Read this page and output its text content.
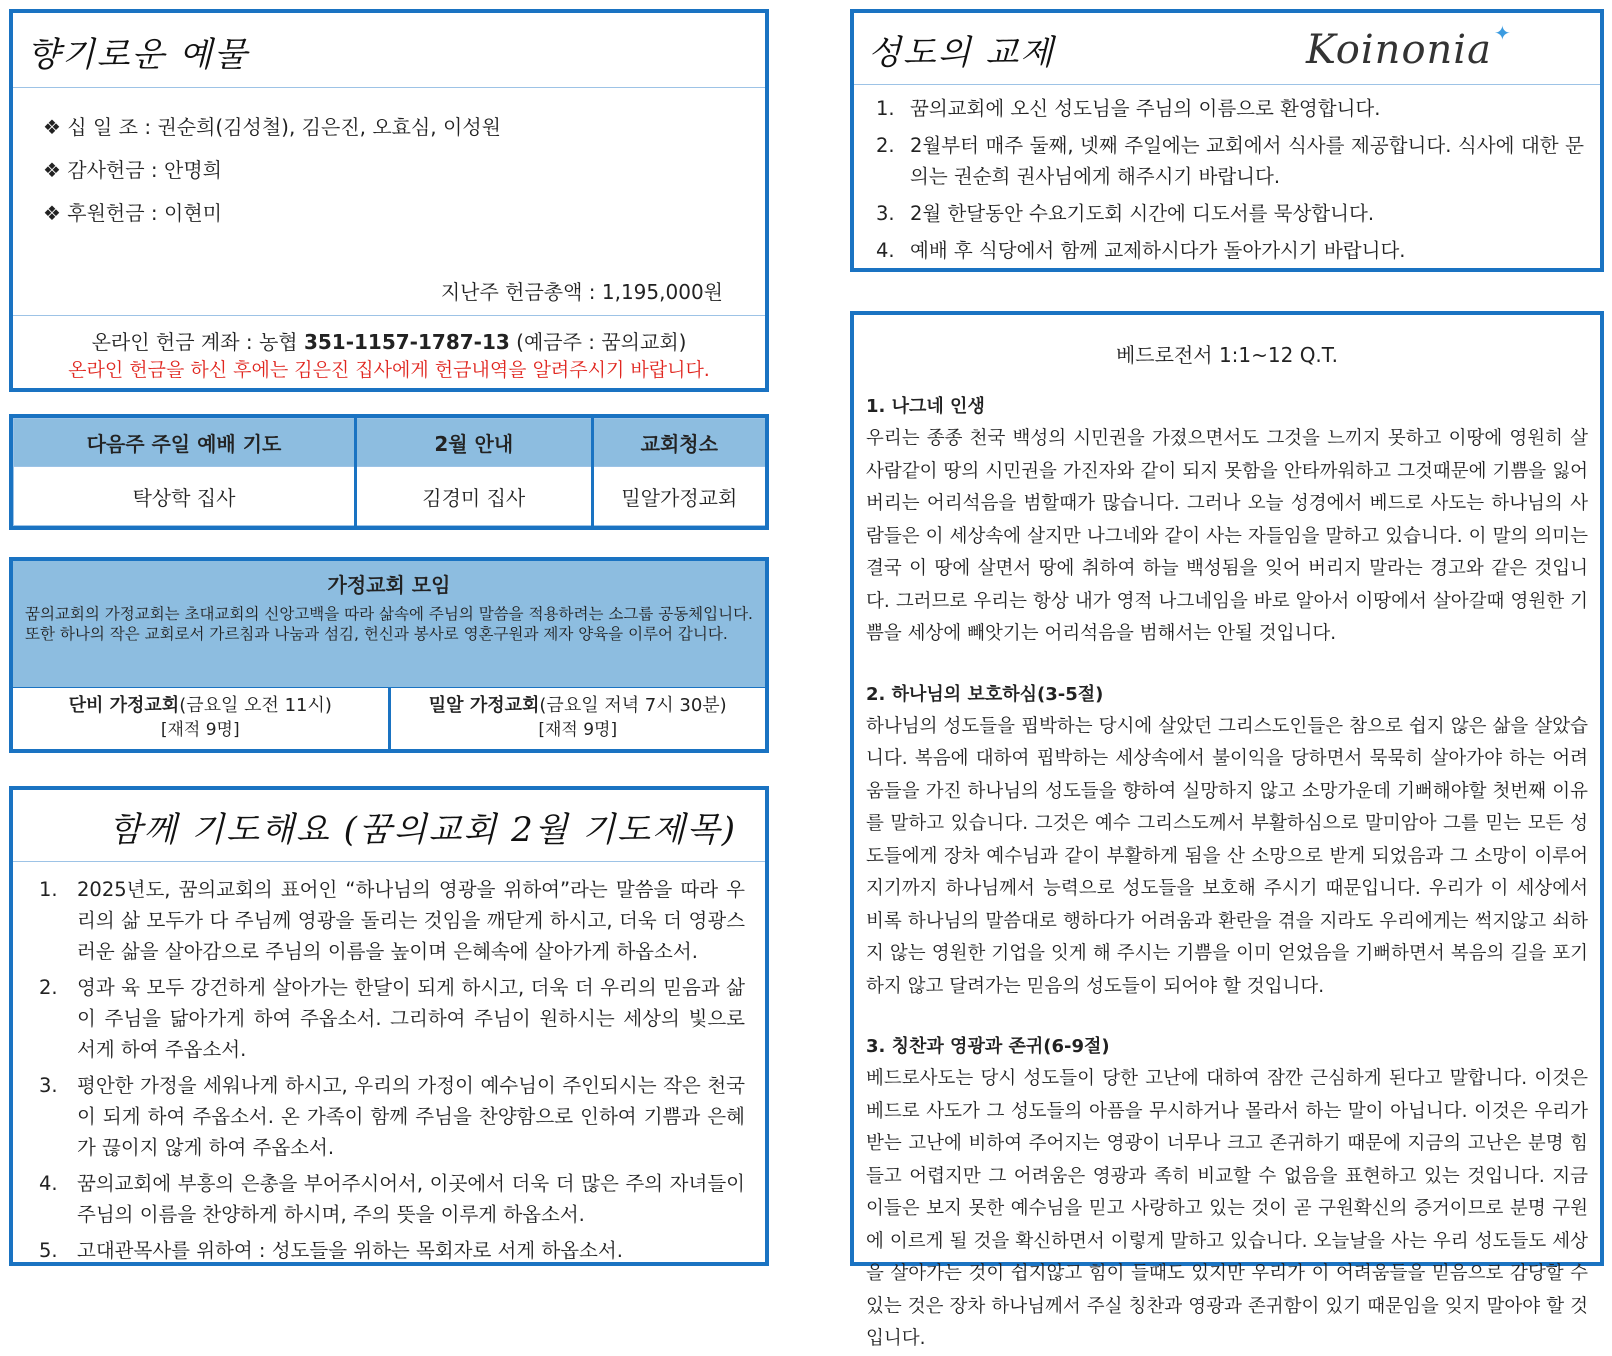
향기로운 예물
❖ 십 일 조 : 권순희(김성철), 김은진, 오효심, 이성원
❖ 감사헌금 : 안명희
❖ 후원헌금 : 이현미
지난주 헌금총액 : 1,195,000원
온라인 헌금 계좌 : 농협 351-1157-1787-13 (예금주 : 꿈의교회)
온라인 헌금을 하신 후에는 김은진 집사에게 헌금내역을 알려주시기 바랍니다.
다음주 주일 예배 기도	2월 안내	교회청소
탁상학 집사	김경미 집사	밀알가정교회
가정교회 모임
꿈의교회의 가정교회는 초대교회의 신앙고백을 따라 삶속에 주님의 말씀을 적용하려는 소그룹 공동체입니다. 또한 하나의 작은 교회로서 가르침과 나눔과 섬김, 헌신과 봉사로 영혼구원과 제자 양육을 이루어 갑니다.
단비 가정교회(금요일 오전 11시)
[재적 9명]
밀알 가정교회(금요일 저녁 7시 30분)
[재적 9명]
함께 기도해요 (꿈의교회 2월 기도제목)
1. 2025년도, 꿈의교회의 표어인 “하나님의 영광을 위하여”라는 말씀을 따라 우리의 삶 모두가 다 주님께 영광을 돌리는 것임을 깨닫게 하시고, 더욱 더 영광스러운 삶을 살아감으로 주님의 이름을 높이며 은혜속에 살아가게 하옵소서.
2. 영과 육 모두 강건하게 살아가는 한달이 되게 하시고, 더욱 더 우리의 믿음과 삶이 주님을 닮아가게 하여 주옵소서. 그리하여 주님이 원하시는 세상의 빛으로 서게 하여 주옵소서.
3. 평안한 가정을 세워나게 하시고, 우리의 가정이 예수님이 주인되시는 작은 천국이 되게 하여 주옵소서. 온 가족이 함께 주님을 찬양함으로 인하여 기쁨과 은혜가 끊이지 않게 하여 주옵소서.
4. 꿈의교회에 부흥의 은총을 부어주시어서, 이곳에서 더욱 더 많은 주의 자녀들이 주님의 이름을 찬양하게 하시며, 주의 뜻을 이루게 하옵소서.
5. 고대관목사를 위하여 : 성도들을 위하는 목회자로 서게 하옵소서.
성도의 교제	Koinonia ✦
1. 꿈의교회에 오신 성도님을 주님의 이름으로 환영합니다.
2. 2월부터 매주 둘째, 넷째 주일에는 교회에서 식사를 제공합니다. 식사에 대한 문의는 권순희 권사님에게 해주시기 바랍니다.
3. 2월 한달동안 수요기도회 시간에 디도서를 묵상합니다.
4. 예배 후 식당에서 함께 교제하시다가 돌아가시기 바랍니다.
베드로전서 1:1~12 Q.T.
1. 나그네 인생
우리는 종종 천국 백성의 시민권을 가졌으면서도 그것을 느끼지 못하고 이땅에 영원히 살 사람같이 땅의 시민권을 가진자와 같이 되지 못함을 안타까워하고 그것때문에 기쁨을 잃어버리는 어리석음을 범할때가 많습니다. 그러나 오늘 성경에서 베드로 사도는 하나님의 사람들은 이 세상속에 살지만 나그네와 같이 사는 자들임을 말하고 있습니다. 이 말의 의미는 결국 이 땅에 살면서 땅에 취하여 하늘 백성됨을 잊어 버리지 말라는 경고와 같은 것입니다. 그러므로 우리는 항상 내가 영적 나그네임을 바로 알아서 이땅에서 살아갈때 영원한 기쁨을 세상에 빼앗기는 어리석음을 범해서는 안될 것입니다.
2. 하나님의 보호하심(3-5절)
하나님의 성도들을 핍박하는 당시에 살았던 그리스도인들은 참으로 쉽지 않은 삶을 살았습니다. 복음에 대하여 핍박하는 세상속에서 불이익을 당하면서 묵묵히 살아가야 하는 어려움들을 가진 하나님의 성도들을 향하여 실망하지 않고 소망가운데 기뻐해야할 첫번째 이유를 말하고 있습니다. 그것은 예수 그리스도께서 부활하심으로 말미암아 그를 믿는 모든 성도들에게 장차 예수님과 같이 부활하게 됨을 산 소망으로 받게 되었음과 그 소망이 이루어 지기까지 하나님께서 능력으로 성도들을 보호해 주시기 때문입니다. 우리가 이 세상에서 비록 하나님의 말씀대로 행하다가 어려움과 환란을 겪을 지라도 우리에게는 썩지않고 쇠하지 않는 영원한 기업을 잇게 해 주시는 기쁨을 이미 얻었음을 기뻐하면서 복음의 길을 포기하지 않고 달려가는 믿음의 성도들이 되어야 할 것입니다.
3. 칭찬과 영광과 존귀(6-9절)
베드로사도는 당시 성도들이 당한 고난에 대하여 잠깐 근심하게 된다고 말합니다. 이것은 베드로 사도가 그 성도들의 아픔을 무시하거나 몰라서 하는 말이 아닙니다. 이것은 우리가 받는 고난에 비하여 주어지는 영광이 너무나 크고 존귀하기 때문에 지금의 고난은 분명 힘들고 어렵지만 그 어려움은 영광과 족히 비교할 수 없음을 표현하고 있는 것입니다. 지금 이들은 보지 못한 예수님을 믿고 사랑하고 있는 것이 곧 구원확신의 증거이므로 분명 구원에 이르게 될 것을 확신하면서 이렇게 말하고 있습니다. 오늘날을 사는 우리 성도들도 세상을 살아가는 것이 쉽지않고 힘이 들때도 있지만 우리가 이 어려움들을 믿음으로 감당할 수 있는 것은 장차 하나님께서 주실 칭찬과 영광과 존귀함이 있기 때문임을 잊지 말아야 할 것입니다.
